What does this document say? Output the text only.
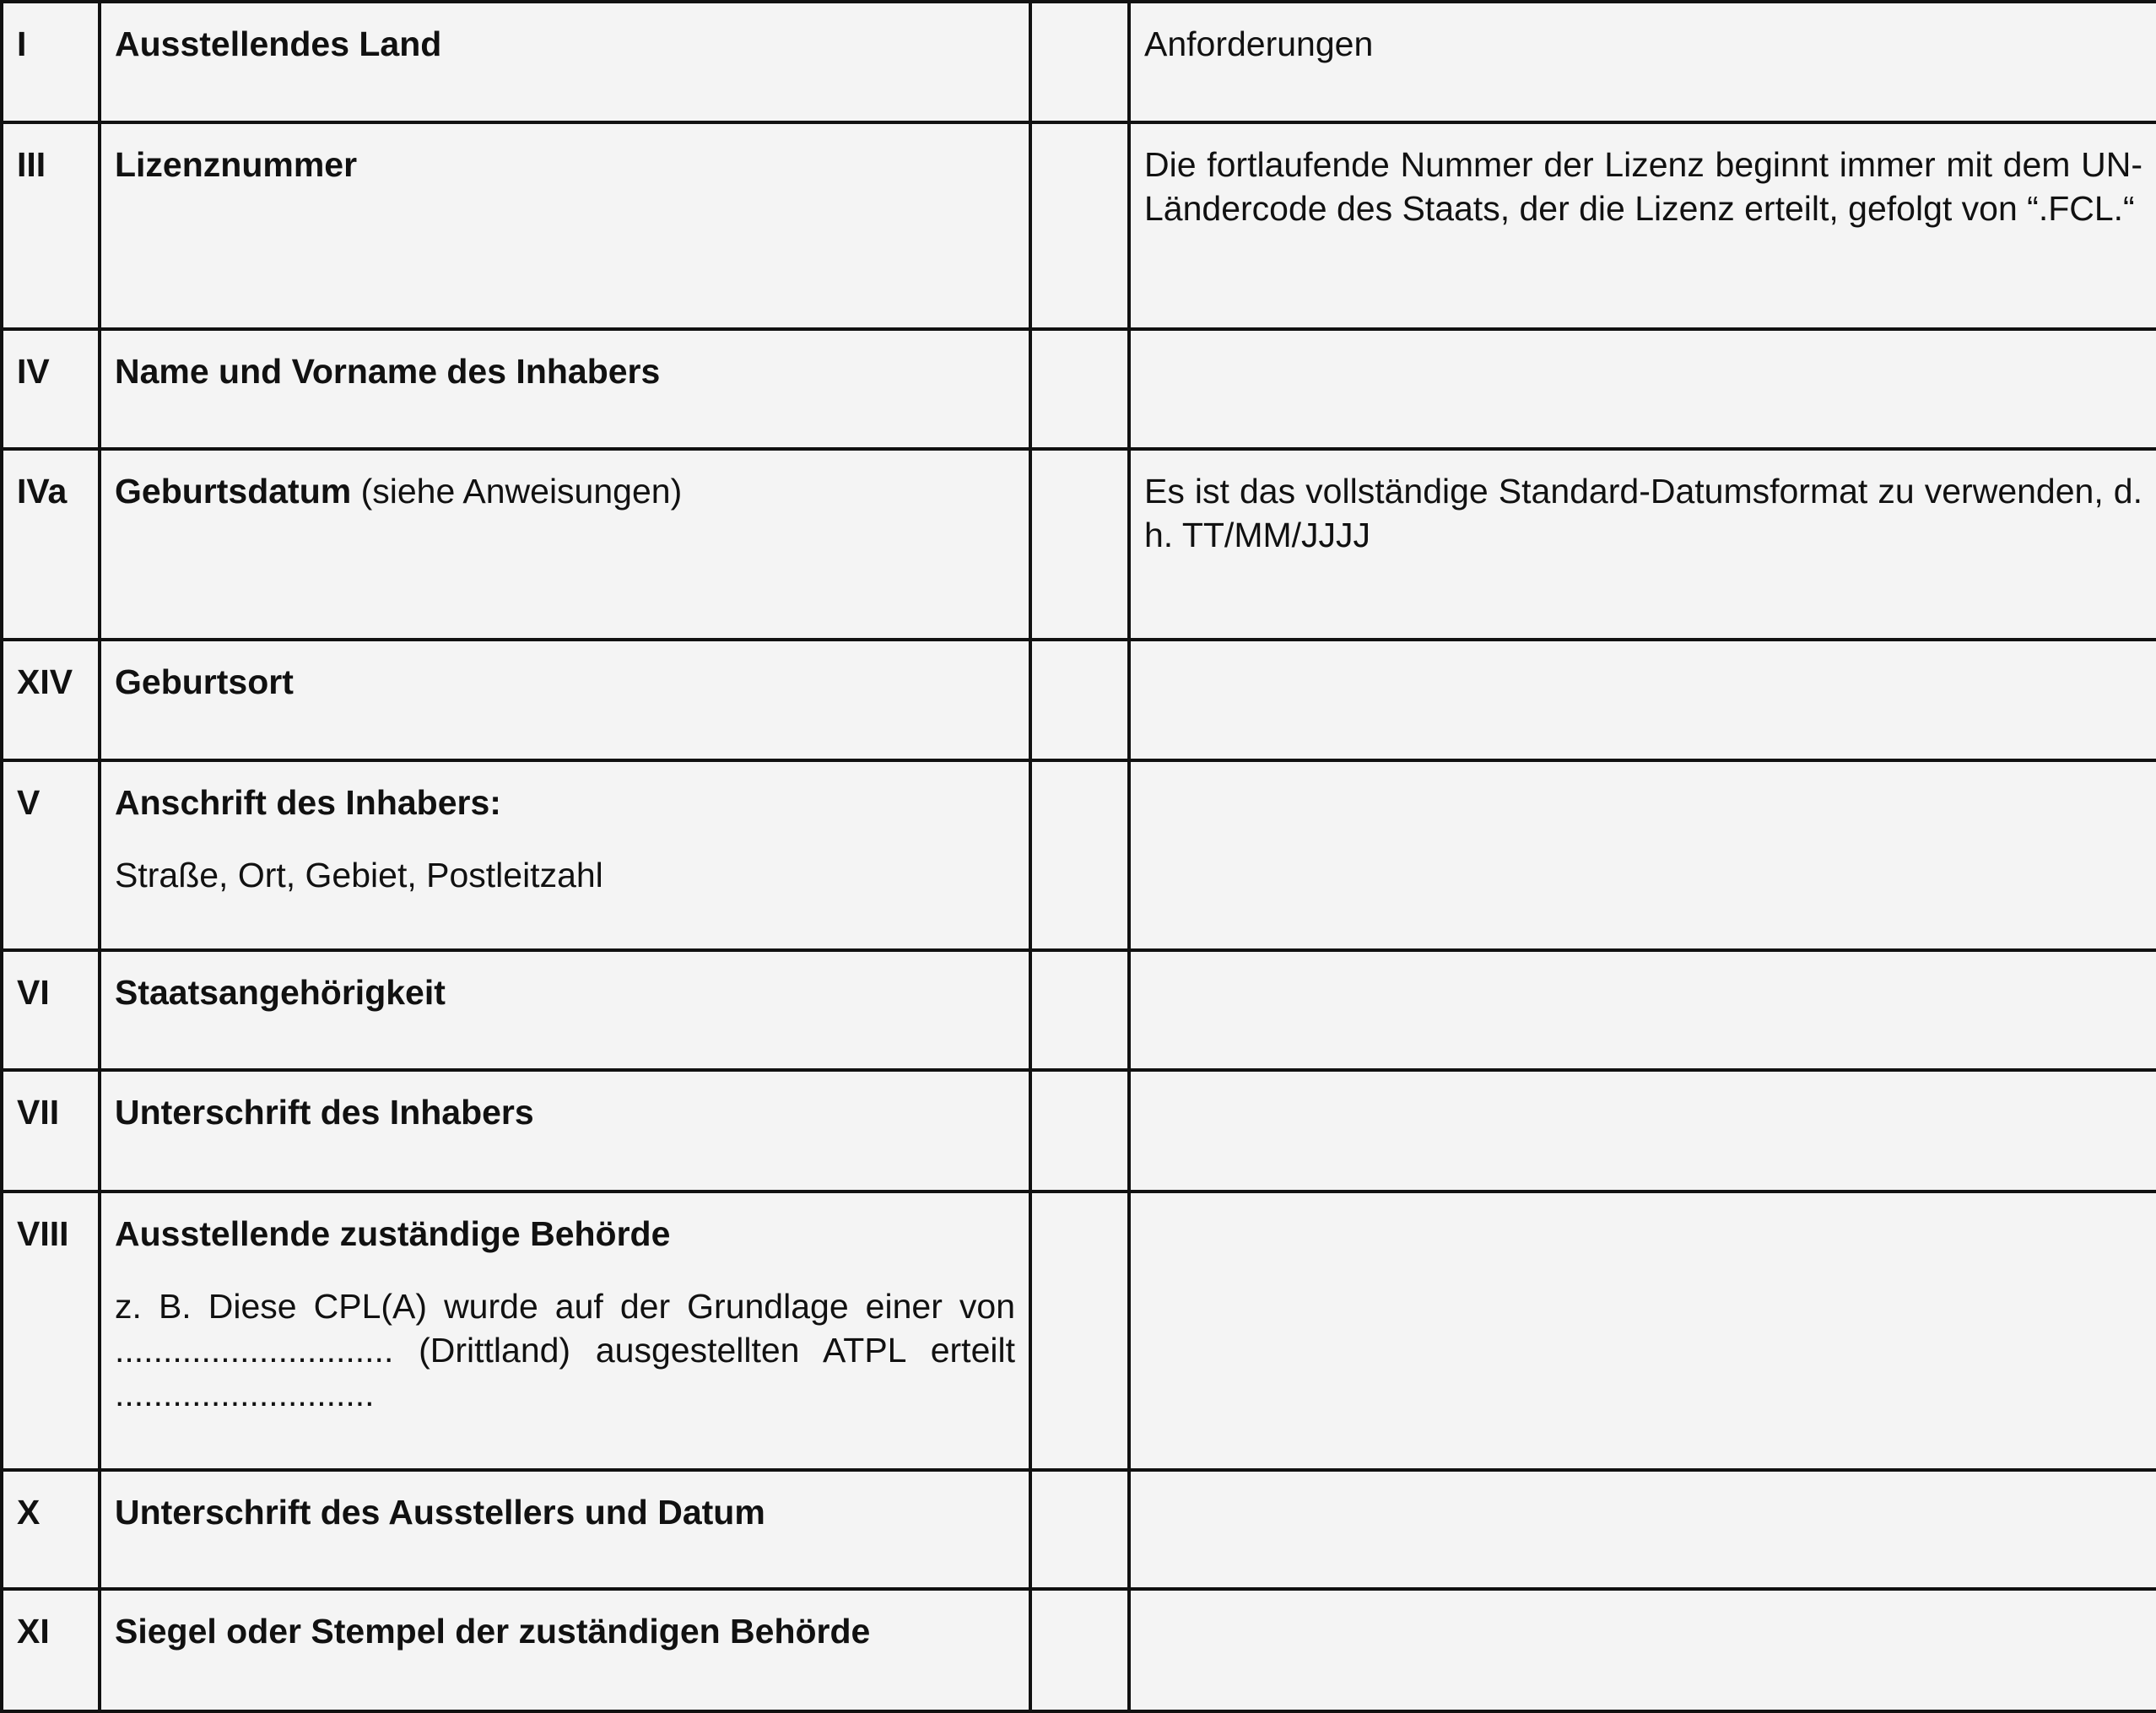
I	Ausstellendes Land		Anforderungen
III	Lizenznummer		Die fortlaufende Nummer der Lizenz beginnt immer mit dem UN-Ländercode des Staats, der die Lizenz erteilt, gefolgt von “.FCL.“
IV	Name und Vorname des Inhabers		

IVa	Geburtsdatum (siehe Anweisungen)		Es ist das vollständige Standard-Datumsformat zu verwenden, d. h. TT/MM/JJJJ
XIV	Geburtsort		

V	Anschrift des Inhabers:
Straße, Ort, Gebiet, Postleitzahl		

VI	Staatsangehörigkeit		

VII	Unterschrift des Inhabers		

VIII	Ausstellende zuständige Behörde
z. B. Diese CPL(A) wurde auf der Grundlage einer von ............................. (Drittland) ausgestellten ATPL erteilt ...........................		

X	Unterschrift des Ausstellers und Datum		

XI	Siegel oder Stempel der zuständigen Behörde		
